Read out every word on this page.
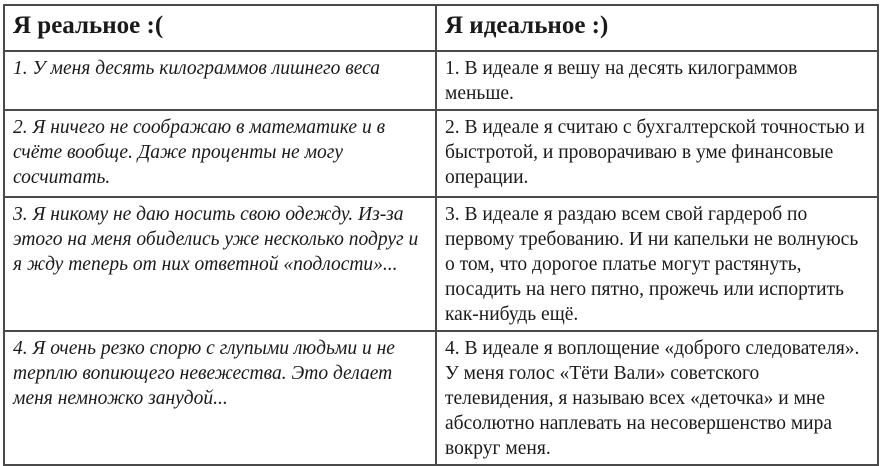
Я реальное :(	Я идеальное :)
1. У меня десять килограммов лишнего веса	1. В идеале я вешу на десять килограммов меньше.
2. Я ничего не соображаю в математике и в счёте вообще. Даже проценты не могу сосчитать.	2. В идеале я считаю с бухгалтерской точностью и быстротой, и проворачиваю в уме финансовые операции.
3. Я никому не даю носить свою одежду. Из-за этого на меня обиделись уже несколько подруг и я жду теперь от них ответной «подлости»...	3. В идеале я раздаю всем свой гардероб по первому требованию. И ни капельки не волнуюсь о том, что дорогое платье могут растянуть, посадить на него пятно, прожечь или испортить как-нибудь ещё.
4. Я очень резко спорю с глупыми людьми и не терплю вопиющего невежества. Это делает меня немножко занудой...	4. В идеале я воплощение «доброго следователя». У меня голос «Тёти Вали» советского телевидения, я называю всех «деточка» и мне абсолютно наплевать на несовершенство мира вокруг меня.
